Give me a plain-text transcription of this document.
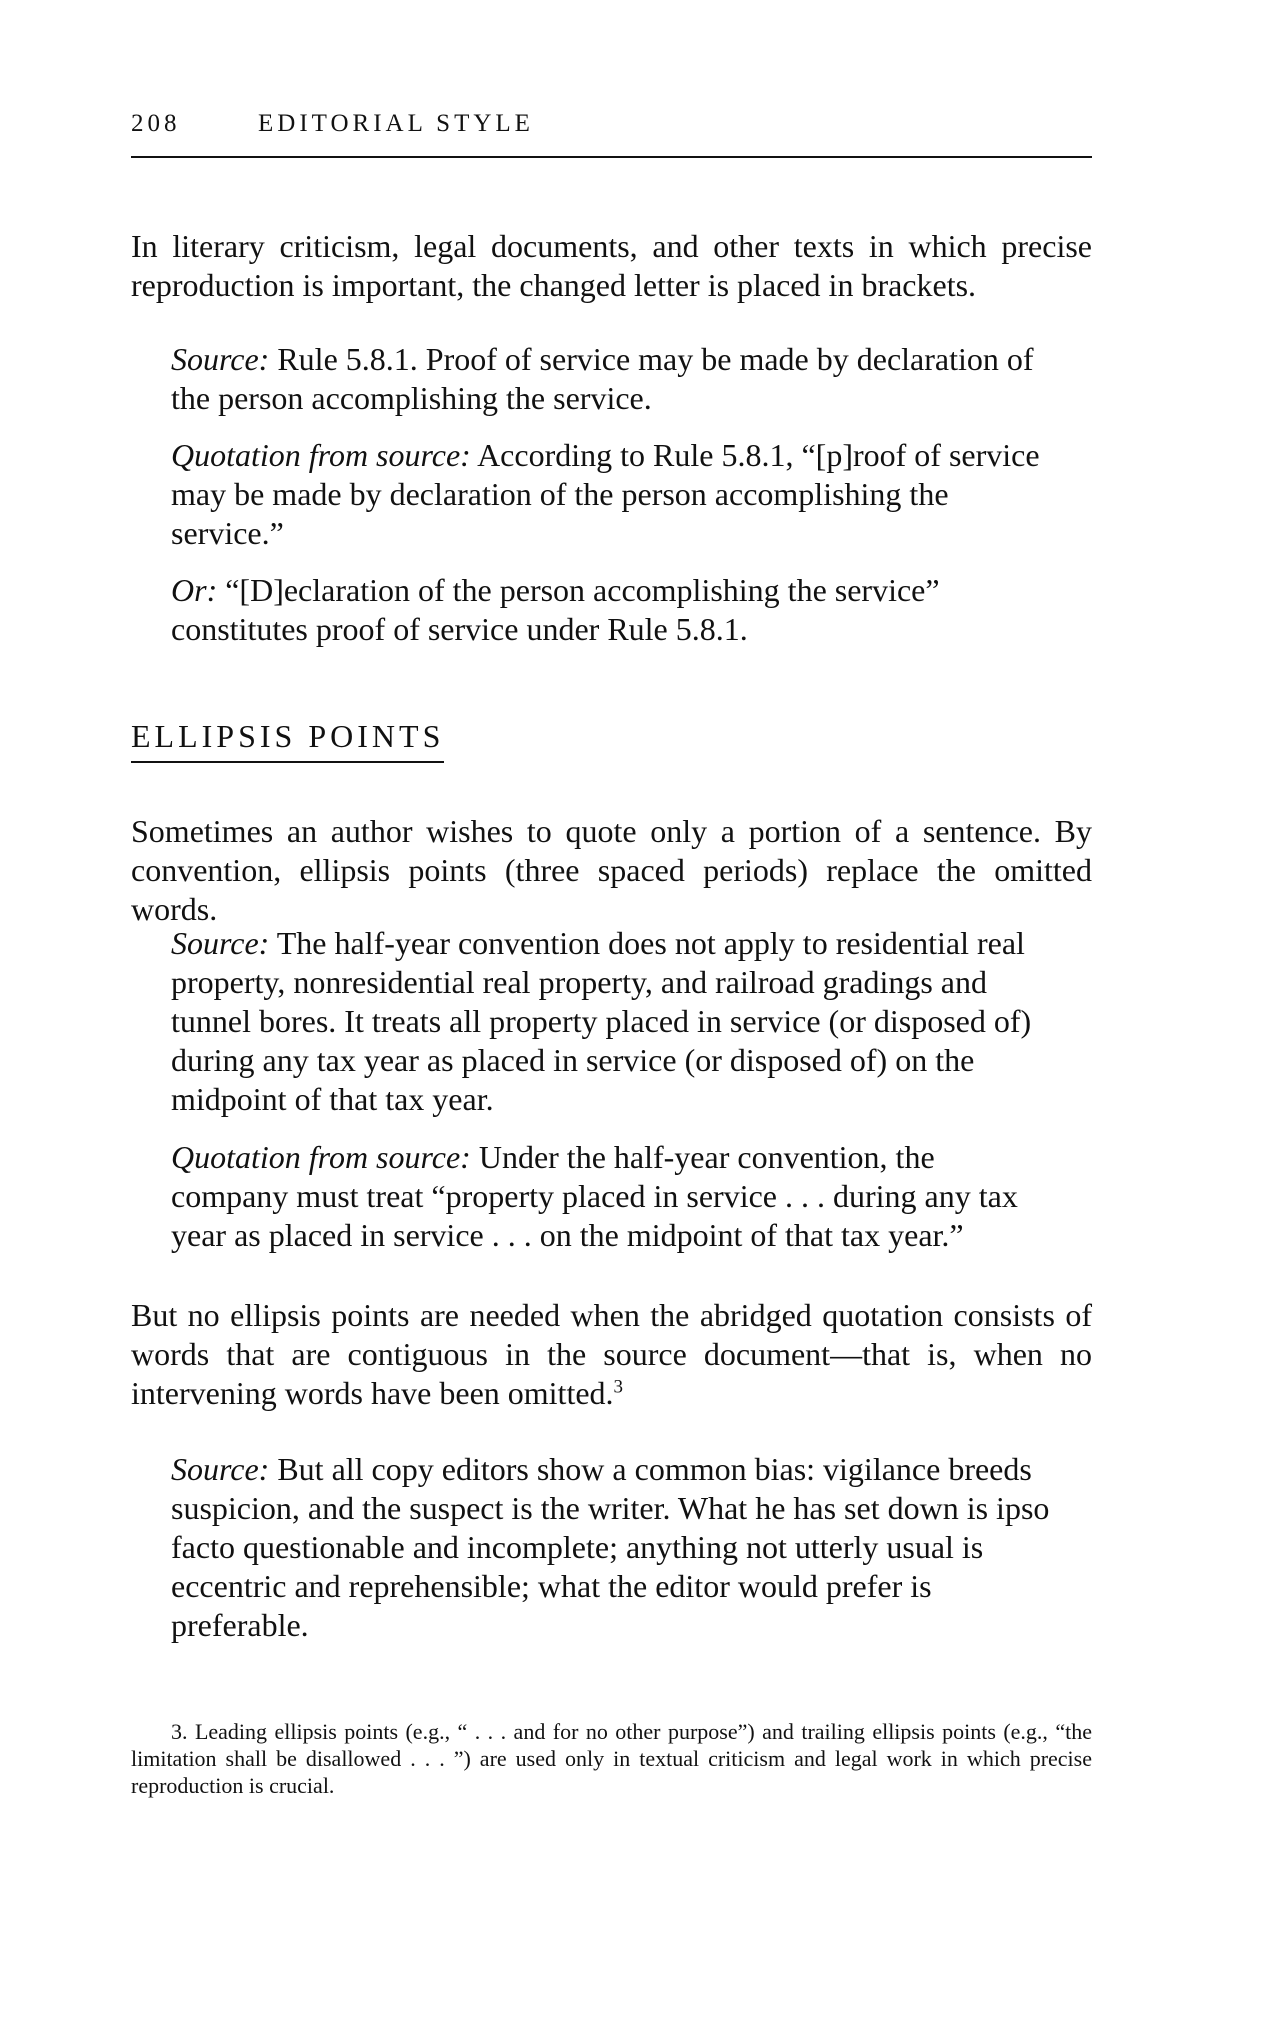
208	EDITORIAL STYLE

In literary criticism, legal documents, and other texts in which precise reproduction is important, the changed letter is placed in brackets.

Source: Rule 5.8.1. Proof of service may be made by declaration of the person accomplishing the service.

Quotation from source: According to Rule 5.8.1, “[p]roof of service may be made by declaration of the person accomplishing the service.”

Or: “[D]eclaration of the person accomplishing the service” constitutes proof of service under Rule 5.8.1.

ELLIPSIS POINTS

Sometimes an author wishes to quote only a portion of a sentence. By convention, ellipsis points (three spaced periods) replace the omitted words.

Source: The half-year convention does not apply to residential real property, nonresidential real property, and railroad gradings and tunnel bores. It treats all property placed in service (or disposed of) during any tax year as placed in service (or disposed of) on the midpoint of that tax year.

Quotation from source: Under the half-year convention, the company must treat “property placed in service . . . during any tax year as placed in service . . . on the midpoint of that tax year.”

But no ellipsis points are needed when the abridged quotation consists of words that are contiguous in the source document—that is, when no intervening words have been omitted.$^3$

Source: But all copy editors show a common bias: vigilance breeds suspicion, and the suspect is the writer. What he has set down is ipso facto questionable and incomplete; anything not utterly usual is eccentric and reprehensible; what the editor would prefer is preferable.

3. Leading ellipsis points (e.g., “ . . . and for no other purpose”) and trailing ellipsis points (e.g., “the limitation shall be disallowed . . . ”) are used only in textual criticism and legal work in which precise reproduction is crucial.
